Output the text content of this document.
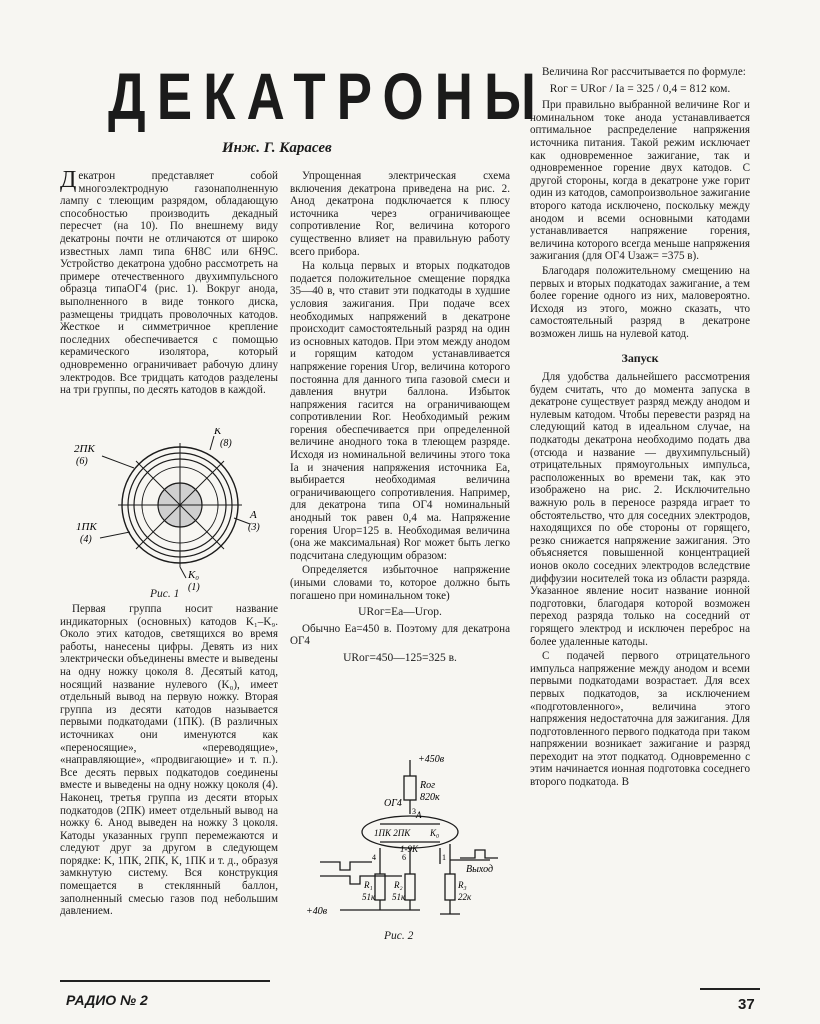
ДЕКАТРОНЫ
Инж. Г. Карасев

Декатрон представляет собой многоэлектродную газонаполненную лампу с тлеющим разрядом, обладающую способностью производить декадный пересчет (на 10). По внешнему виду декатроны почти не отличаются от широко известных ламп типа 6Н8С или 6Н9С. Устройство декатрона удобно рассмотреть на примере отечественного двухимпульсного образца типаОГ4 (рис. 1). Вокруг анода, выполненного в виде тонкого диска, размещены тридцать проволочных катодов. Жесткое и симметричное крепление последних обеспечивается с помощью керамического изолятора, который одновременно ограничивает рабочую длину электродов. Все тридцать катодов разделены на три группы, по десять катодов в каждой.

2ПК
(6)
К
(8)
А
(3)
1ПК
(4)
К₀
(1)
Рис. 1

Первая группа носит название индикаторных (основных) катодов K₁–K₉. Около этих катодов, светящихся во время работы, нанесены цифры. Девять из них электрически объединены вместе и выведены на одну ножку цоколя 8. Десятый катод, носящий название нулевого (K₀), имеет отдельный вывод на первую ножку. Вторая группа из десяти катодов называется первыми подкатодами (1ПК). (В различных источниках они именуются как «переносящие», «переводящие», «направляющие», «продвигающие» и т. п.). Все десять первых подкатодов соединены вместе и выведены на одну ножку цоколя (4). Наконец, третья группа из десяти вторых подкатодов (2ПК) имеет отдельный вывод на ножку 6. Анод выведен на ножку 3 цоколя. Катоды указанных групп перемежаются и следуют друг за другом в следующем порядке: K, 1ПК, 2ПК, K, 1ПК и т. д., образуя замкнутую систему. Вся конструкция помещается в стеклянный баллон, заполненный смесью газов под небольшим давлением.

Упрощенная электрическая схема включения декатрона приведена на рис. 2. Анод декатрона подключается к плюсу источника через ограничивающее сопротивление Rог, величина которого существенно влияет на правильную работу всего прибора.

На кольца первых и вторых подкатодов подается положительное смещение порядка 35—40 в, что ставит эти подкатоды в худшие условия зажигания. При подаче всех необходимых напряжений в декатроне происходит самостоятельный разряд на один из основных катодов. При этом между анодом и горящим катодом устанавливается напряжение горения Uгор, величина которого постоянна для данного типа газовой смеси и давления внутри баллона. Избыток напряжения гасится на ограничивающем сопротивлении Rог. Необходимый режим горения обеспечивается при определенной величине анодного тока в тлеющем разряде. Исходя из номинальной величины этого тока Iа и значения напряжения источника Eа, выбирается необходимая величина ограничивающего сопротивления. Например, для декатрона типа ОГ4 номинальный анодный ток равен 0,4 ма. Напряжение горения Uгор=125 в. Необходимая величина (она же максимальная) Rог может быть легко подсчитана следующим образом:

Определяется избыточное напряжение (иными словами то, которое должно быть погашено при номинальном токе)

URог=Eа—Uгор.

Обычно Eа=450 в. Поэтому для декатрона ОГ4

URог=450—125=325 в.
+450в
Rог
820к
ОГ4
А
1ПК 2ПК К₀
1-9К
3
4	6	1
R₁
51к
R₂
51к
R₃
22к
Выход
+40в
Рис. 2

Величина Rог рассчитывается по формуле:

Rог = URог / Iа = 325 / 0,4 = 812 ком.

При правильно выбранной величине Rог и номинальном токе анода устанавливается оптимальное распределение напряжения источника питания. Такой режим исключает как одновременное зажигание, так и одновременное горение двух катодов. С другой стороны, когда в декатроне уже горит один из катодов, самопроизвольное зажигание второго катода исключено, поскольку между анодом и всеми основными катодами устанавливается напряжение горения, величина которого всегда меньше напряжения зажигания (для ОГ4 Uзаж= =375 в).

Благодаря положительному смещению на первых и вторых подкатодах зажигание, а тем более горение одного из них, маловероятно. Исходя из этого, можно сказать, что самостоятельный разряд в декатроне возможен лишь на нулевой катод.

Запуск

Для удобства дальнейшего рассмотрения будем считать, что до момента запуска в декатроне существует разряд между анодом и нулевым катодом. Чтобы перевести разряд на следующий катод в идеальном случае, на подкатоды декатрона необходимо подать два (отсюда и название — двухимпульсный) отрицательных прямоугольных импульса, расположенных во времени так, как это изображено на рис. 2. Исключительно важную роль в переносе разряда играет то обстоятельство, что для соседних электродов, находящихся по обе стороны от горящего, резко снижается напряжение зажигания. Это объясняется повышенной концентрацией ионов около соседних электродов вследствие диффузии носителей тока из области разряда. Указанное явление носит название ионной подготовки, благодаря которой возможен переход разряда только на соседний от горящего электрод и исключен переброс на более удаленные катоды.

С подачей первого отрицательного импульса напряжение между анодом и всеми первыми подкатодами возрастает. Для всех первых подкатодов, за исключением «подготовленного», величина этого напряжения недостаточна для зажигания. Для подготовленного первого подкатода при таком напряжении возникает зажигание и разряд переходит на этот подкатод. Одновременно с этим начинается ионная подготовка соседнего второго подкатода. В

РАДИО № 2	37
